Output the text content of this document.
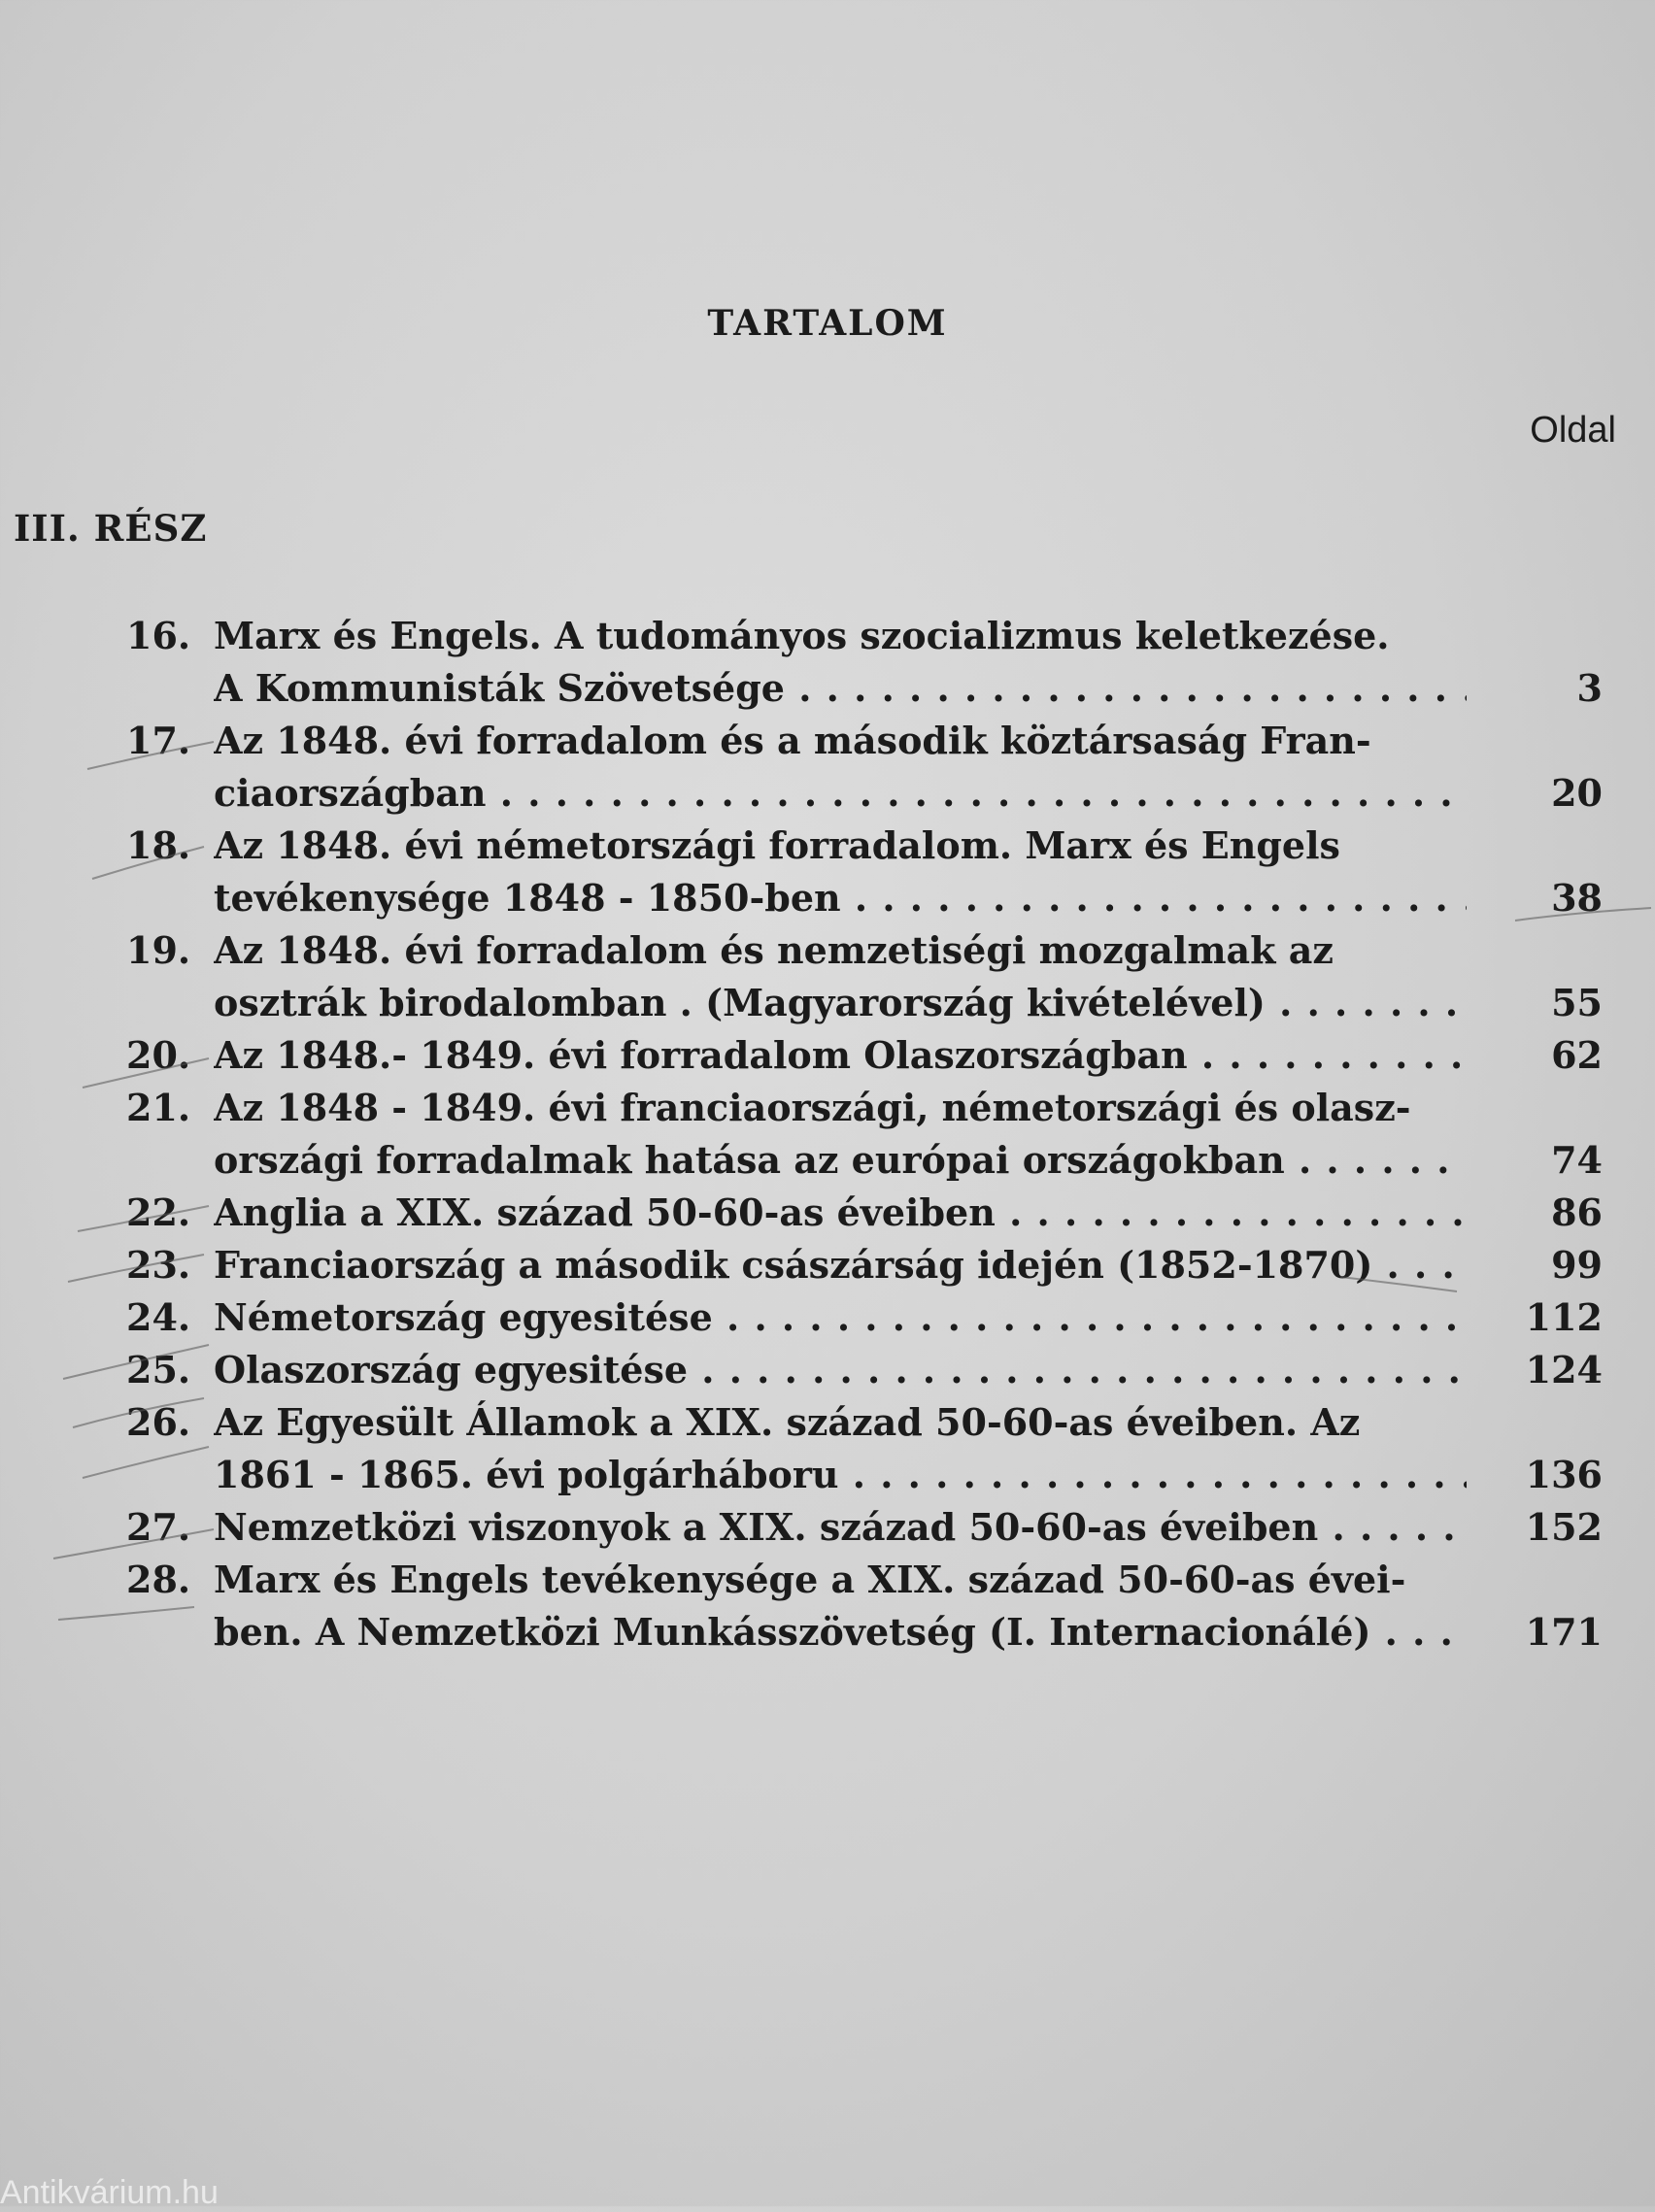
TARTALOM
Oldal
III. RÉSZ
16. Marx és Engels. A tudományos szocializmus keletkezése.
A Kommunisták Szövetsége . . .	3
17. Az 1848. évi forradalom és a második köztársaság Fran-
ciaországban . . .	20
18. Az 1848. évi németországi forradalom. Marx és Engels
tevékenysége 1848 - 1850-ben . . .	38
19. Az 1848. évi forradalom és nemzetiségi mozgalmak az
osztrák birodalomban . (Magyarország kivételével) . . .	55
20. Az 1848.- 1849. évi forradalom Olaszországban . . .	62
21. Az 1848 - 1849. évi franciaországi, németországi és olasz-
országi forradalmak hatása az európai országokban . . .	74
22. Anglia a XIX. század 50-60-as éveiben . . .	86
23. Franciaország a második császárság idején (1852-1870) . . .	99
24. Németország egyesitése . . .	112
25. Olaszország egyesitése . . .	124
26. Az Egyesült Államok a XIX. század 50-60-as éveiben. Az
1861 - 1865. évi polgárháboru . . .	136
27. Nemzetközi viszonyok a XIX. század 50-60-as éveiben . . .	152
28. Marx és Engels tevékenysége a XIX. század 50-60-as évei-
ben. A Nemzetközi Munkásszövetség (I. Internacionálé) . . .	171
Antikvárium.hu
